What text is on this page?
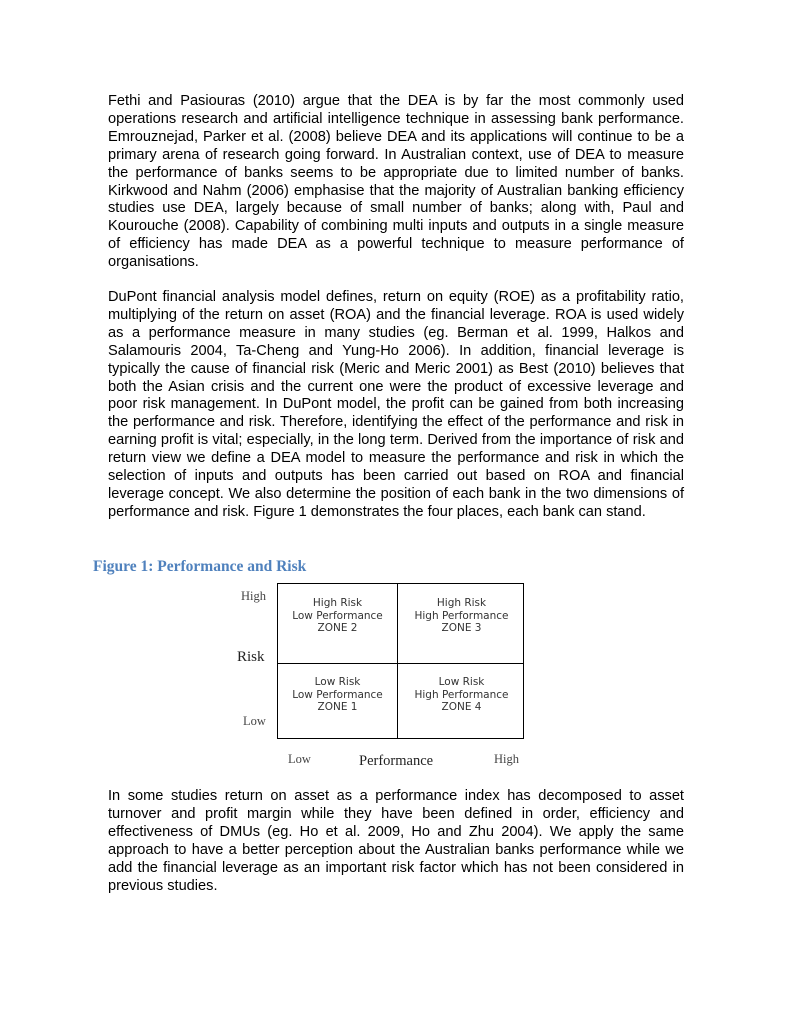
Fethi and Pasiouras (2010) argue that the DEA is by far the most commonly used operations research and artificial intelligence technique in assessing bank performance. Emrouznejad, Parker et al. (2008) believe DEA and its applications will continue to be a primary arena of research going forward. In Australian context, use of DEA to measure the performance of banks seems to be appropriate due to limited number of banks. Kirkwood and Nahm (2006) emphasise that the majority of Australian banking efficiency studies use DEA, largely because of small number of banks; along with, Paul and Kourouche (2008). Capability of combining multi inputs and outputs in a single measure of efficiency has made DEA as a powerful technique to measure performance of organisations.

DuPont financial analysis model defines, return on equity (ROE) as a profitability ratio, multiplying of the return on asset (ROA) and the financial leverage. ROA is used widely as a performance measure in many studies (eg. Berman et al. 1999, Halkos and Salamouris 2004, Ta-Cheng and Yung-Ho 2006). In addition, financial leverage is typically the cause of financial risk (Meric and Meric 2001) as Best (2010) believes that both the Asian crisis and the current one were the product of excessive leverage and poor risk management. In DuPont model, the profit can be gained from both increasing the performance and risk. Therefore, identifying the effect of the performance and risk in earning profit is vital; especially, in the long term. Derived from the importance of risk and return view we define a DEA model to measure the performance and risk in which the selection of inputs and outputs has been carried out based on ROA and financial leverage concept. We also determine the position of each bank in the two dimensions of performance and risk. Figure 1 demonstrates the four places, each bank can stand.

Figure 1: Performance and Risk

High
Risk
Low
High Risk
Low Performance
ZONE 2
High Risk
High Performance
ZONE 3
Low Risk
Low Performance
ZONE 1
Low Risk
High Performance
ZONE 4
Low	Performance	High

In some studies return on asset as a performance index has decomposed to asset turnover and profit margin while they have been defined in order, efficiency and effectiveness of DMUs (eg. Ho et al. 2009, Ho and Zhu 2004). We apply the same approach to have a better perception about the Australian banks performance while we add the financial leverage as an important risk factor which has not been considered in previous studies.
